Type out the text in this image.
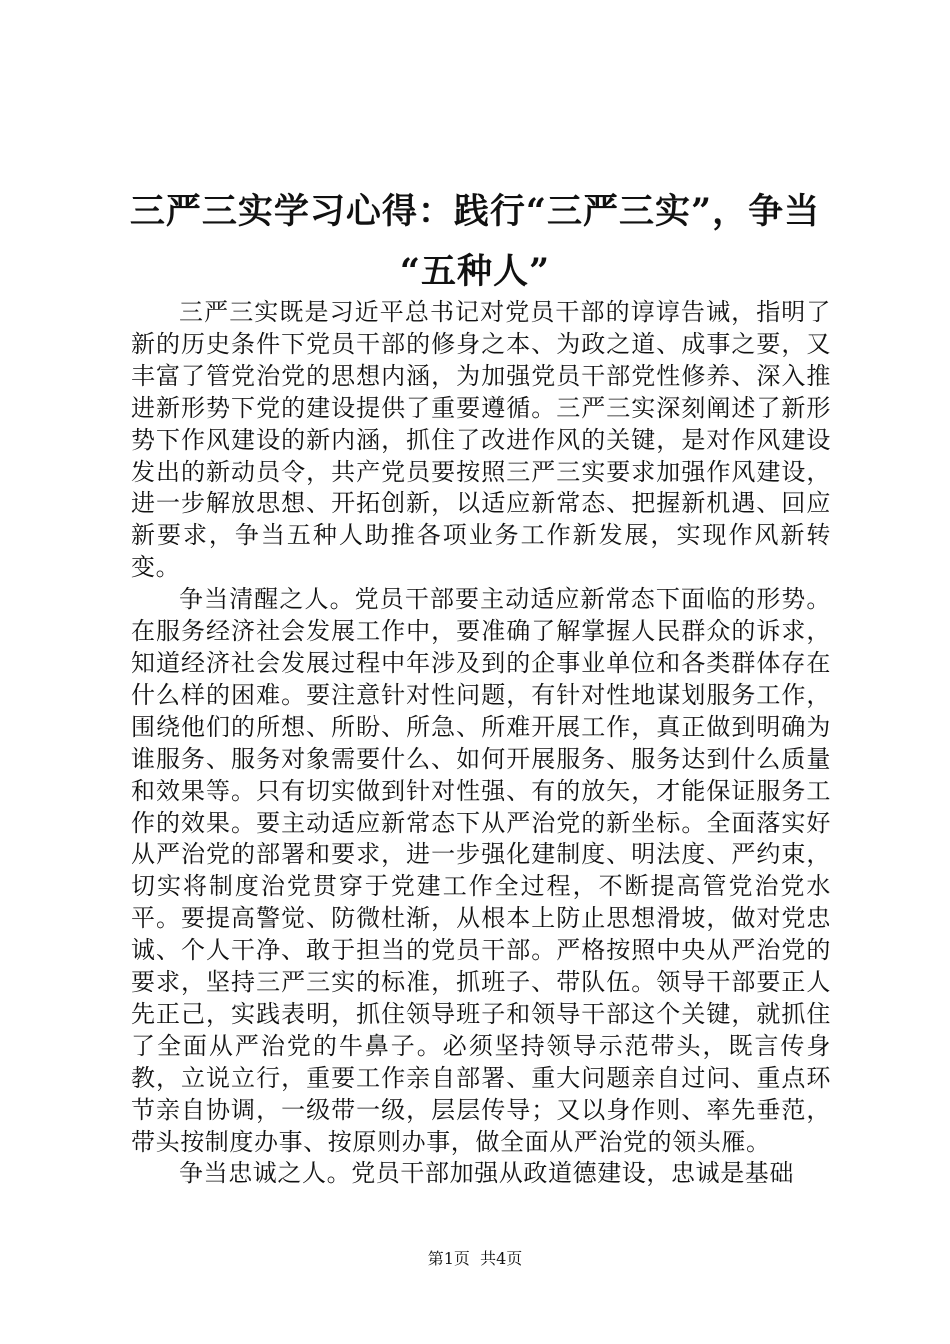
三严三实学习心得：践行“三严三实”，争当
“五种人”

三严三实既是习近平总书记对党员干部的谆谆告诫，指明了新的历史条件下党员干部的修身之本、为政之道、成事之要，又丰富了管党治党的思想内涵，为加强党员干部党性修养、深入推进新形势下党的建设提供了重要遵循。三严三实深刻阐述了新形势下作风建设的新内涵，抓住了改进作风的关键，是对作风建设发出的新动员令，共产党员要按照三严三实要求加强作风建设，进一步解放思想、开拓创新，以适应新常态、把握新机遇、回应新要求，争当五种人助推各项业务工作新发展，实现作风新转变。

争当清醒之人。党员干部要主动适应新常态下面临的形势。在服务经济社会发展工作中，要准确了解掌握人民群众的诉求，知道经济社会发展过程中年涉及到的企事业单位和各类群体存在什么样的困难。要注意针对性问题，有针对性地谋划服务工作，围绕他们的所想、所盼、所急、所难开展工作，真正做到明确为谁服务、服务对象需要什么、如何开展服务、服务达到什么质量和效果等。只有切实做到针对性强、有的放矢，才能保证服务工作的效果。要主动适应新常态下从严治党的新坐标。全面落实好从严治党的部署和要求，进一步强化建制度、明法度、严约束，切实将制度治党贯穿于党建工作全过程，不断提高管党治党水平。要提高警觉、防微杜渐，从根本上防止思想滑坡，做对党忠诚、个人干净、敢于担当的党员干部。严格按照中央从严治党的要求，坚持三严三实的标准，抓班子、带队伍。领导干部要正人先正己，实践表明，抓住领导班子和领导干部这个关键，就抓住了全面从严治党的牛鼻子。必须坚持领导示范带头，既言传身教，立说立行，重要工作亲自部署、重大问题亲自过问、重点环节亲自协调，一级带一级，层层传导；又以身作则、率先垂范，带头按制度办事、按原则办事，做全面从严治党的领头雁。

争当忠诚之人。党员干部加强从政道德建设，忠诚是基础

第1页  共4页
